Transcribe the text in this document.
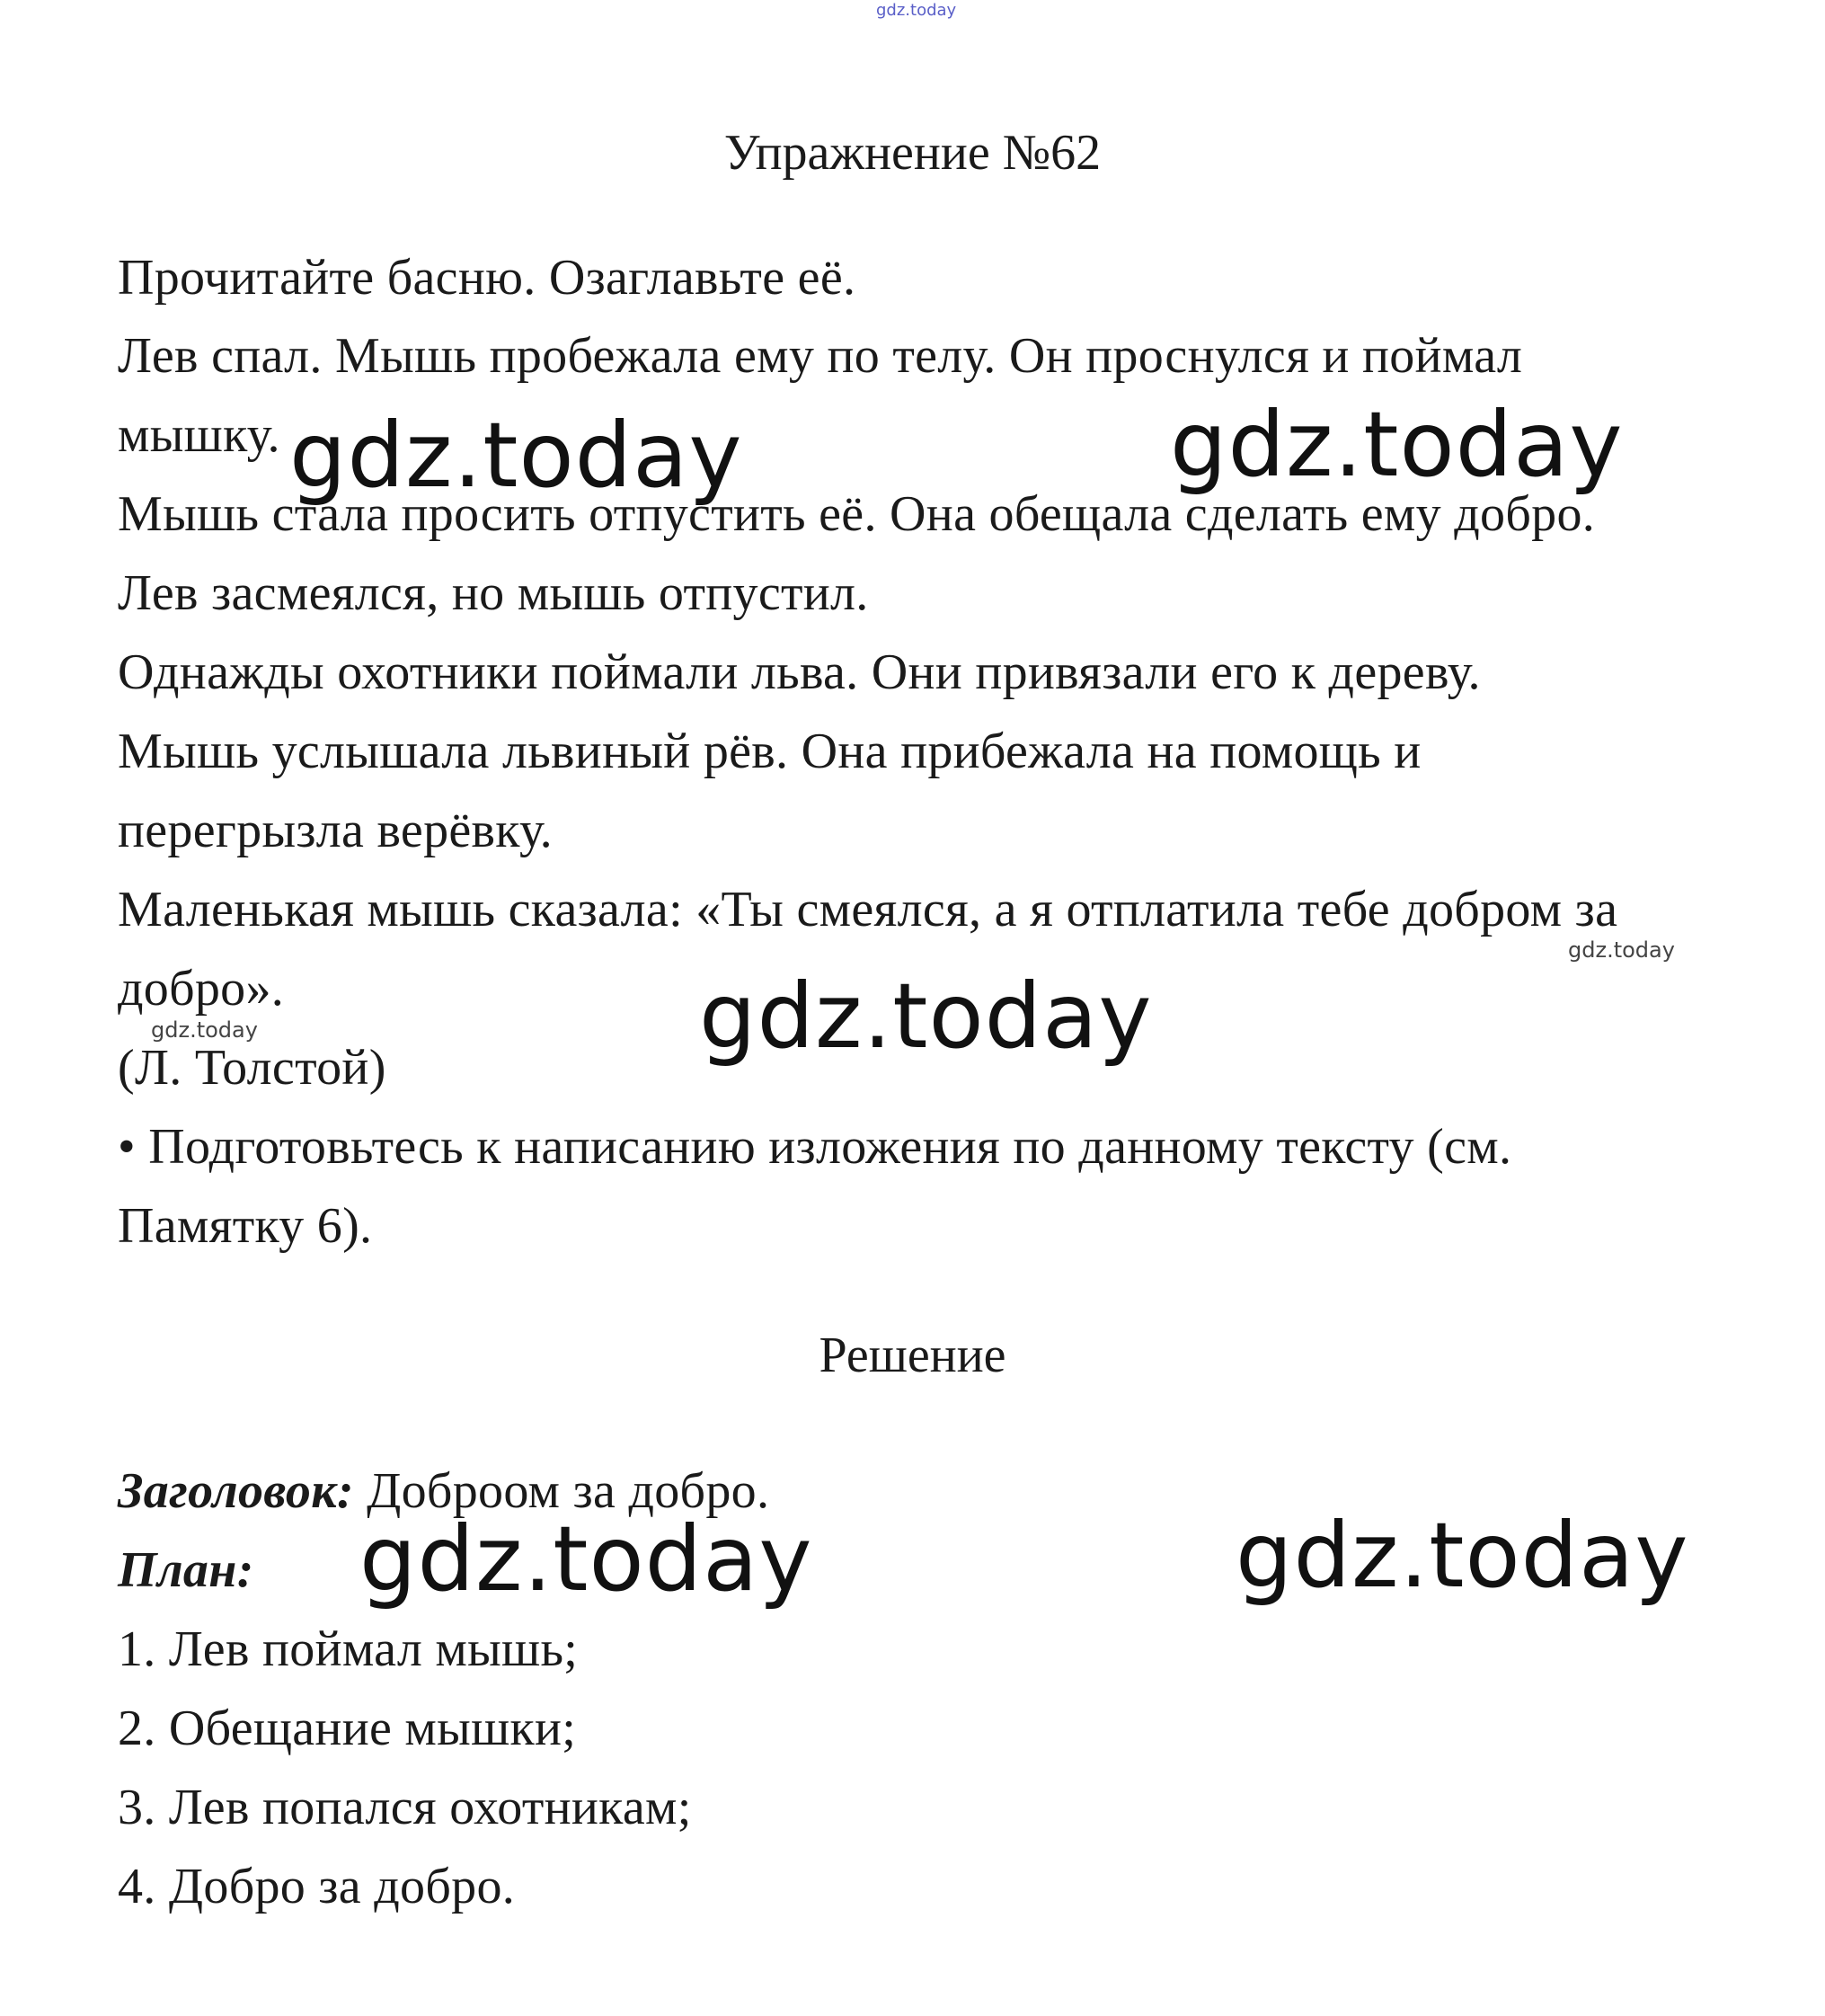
gdz.today
Упражнение №62
Прочитайте басню. Озаглавьте её.
Лев спал. Мышь пробежала ему по телу. Он проснулся и поймал
мышку.
Мышь стала просить отпустить её. Она обещала сделать ему добро.
Лев засмеялся, но мышь отпустил.
Однажды охотники поймали льва. Они привязали его к дереву.
Мышь услышала львиный рёв. Она прибежала на помощь и
перегрызла верёвку.
Маленькая мышь сказала: «Ты смеялся, а я отплатила тебе добром за
добро».
(Л. Толстой)
• Подготовьтесь к написанию изложения по данному тексту (см.
Памятку 6).
Решение
Заголовок: Доброом за добро.
План:
1. Лев поймал мышь;
2. Обещание мышки;
3. Лев попался охотникам;
4. Добро за добро.
gdz.today	gdz.today
gdz.today
gdz.today	gdz.today
gdz.today
gdz.today
